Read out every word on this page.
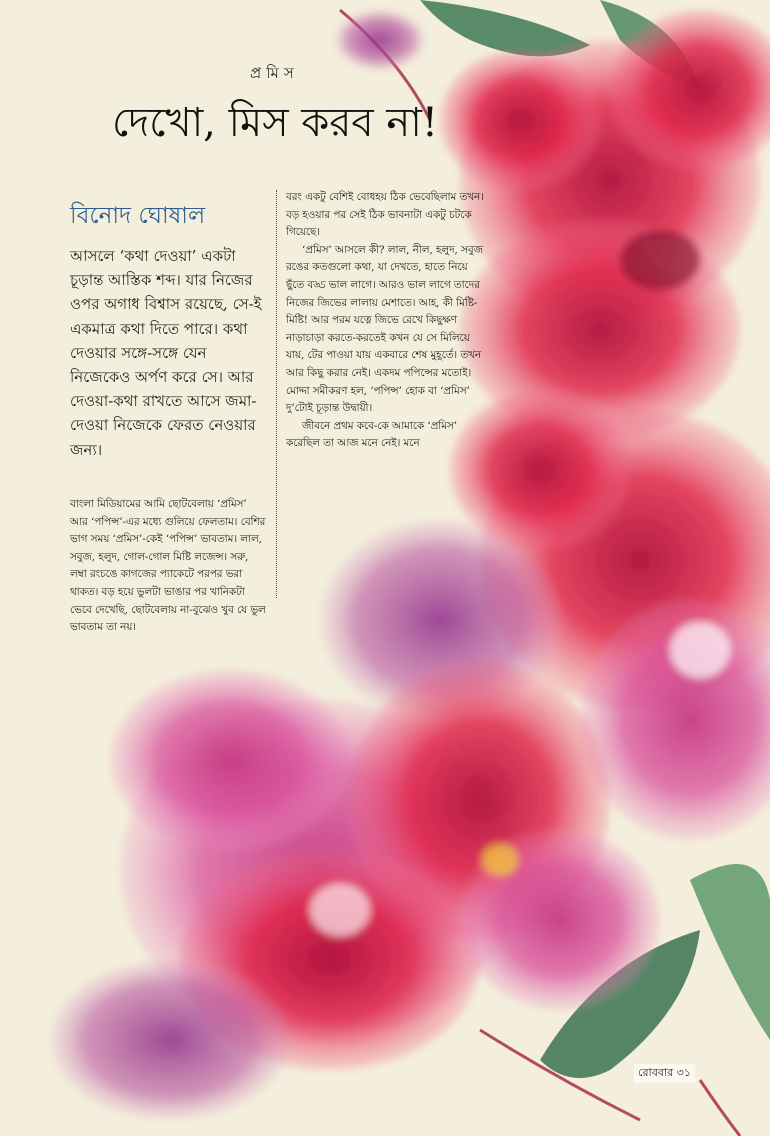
প্রমিস
দেখো, মিস করব না!
বিনোদ ঘোষাল

আসলে ‘কথা দেওয়া’ একটা চূড়ান্ত আস্তিক শব্দ। যার নিজের ওপর অগাধ বিশ্বাস রয়েছে, সে-ই একমাত্র কথা দিতে পারে। কথা দেওয়ার সঙ্গে-সঙ্গে যেন নিজেকেও অর্পণ করে সে। আর দেওয়া-কথা রাখতে আসে জমা-দেওয়া নিজেকে ফেরত নেওয়ার জন্য।

বাংলা মিডিয়ামের আমি ছোটবেলায় ‘প্রমিস’ আর ‘পপিন্স’-এর মধ্যে গুলিয়ে ফেলতাম। বেশির ভাগ সময় ‘প্রমিস’-কেই ‘পপিন্স’ ভাবতাম। লাল, সবুজ, হলুদ, গোল-গোল মিষ্টি লজেন্স। সরু, লম্বা রংচঙে কাগজের প্যাকেটে পরপর ভরা থাকত। বড় হয়ে ভুলটা ভাঙার পর খানিকটা ভেবে দেখেছি, ছোটবেলায় না-বুঝেও খুব যে ভুল ভাবতাম তা নয়।

বরং একটু বেশিই বোধহয় ঠিক ভেবেছিলাম তখন। বড় হওয়ার পর সেই ঠিক ভাবনাটা একটু চটকে গিয়েছে।

‘প্রমিস’ আসলে কী? লাল, নীল, হলুদ, সবুজ রঙের কতগুলো কথা, যা দেখতে, হাতে নিয়ে ছুঁতে বড্ড ভাল লাগে। আরও ভাল লাগে তাদের নিজের জিভের লালায় মেশাতে। আহ, কী মিষ্টি-মিষ্টি! আর পরম যত্নে জিভে রেখে কিছুক্ষণ নাড়াচাড়া করতে-করতেই কখন যে সে মিলিয়ে যায়, টের পাওয়া যায় একবারে শেষ মুহূর্তে। তখন আর কিছু করার নেই। একদম পপিন্সের মতোই। মোদ্দা সমীকরণ হল, ‘পপিন্স’ হোক বা ‘প্রমিস’ দু’টোই চূড়ান্ত উদ্বায়ী।

জীবনে প্রথম কবে-কে আমাকে ‘প্রমিস’ করেছিল তা আজ মনে নেই। মনে

রোববার ৩১
